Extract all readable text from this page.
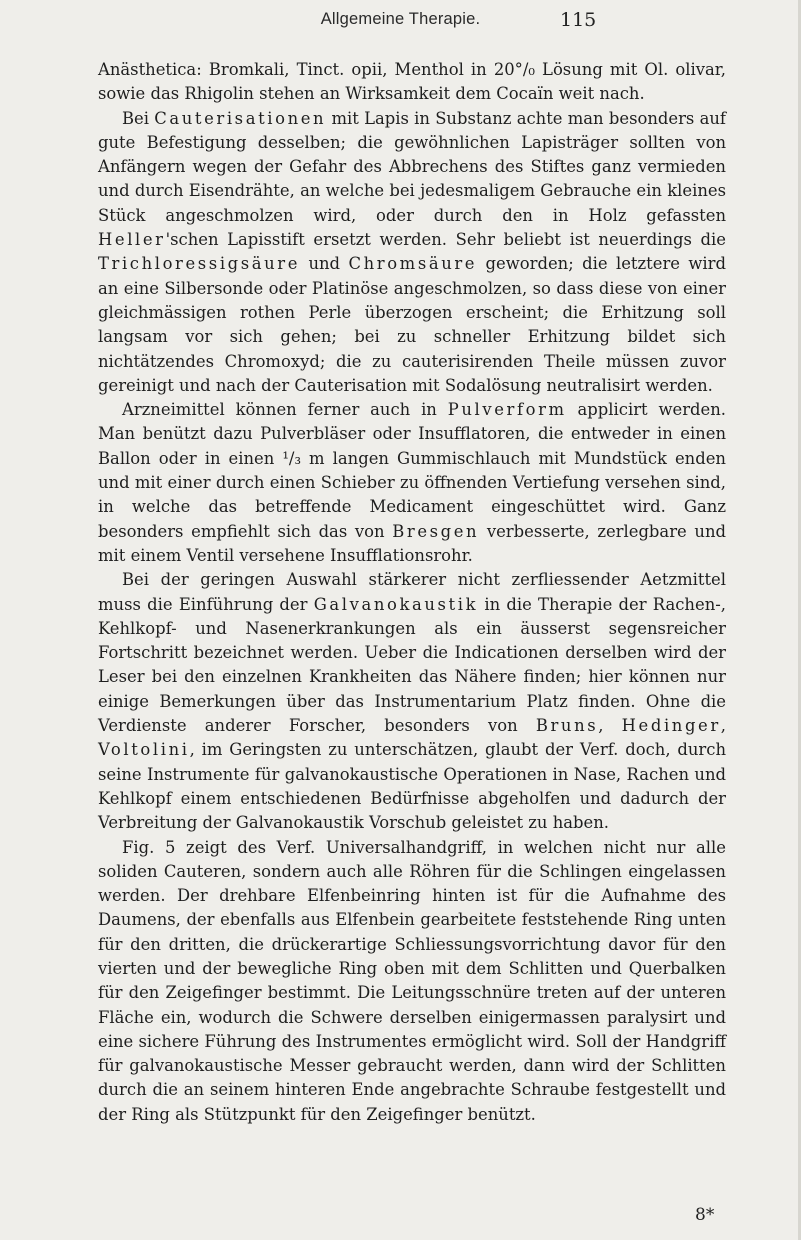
Allgemeine Therapie.	115

Anästhetica: Bromkali, Tinct. opii, Menthol in 20°/₀ Lösung mit Ol. olivar, sowie das Rhigolin stehen an Wirksamkeit dem Cocaïn weit nach.

Bei Cauterisationen mit Lapis in Substanz achte man besonders auf gute Befestigung desselben; die gewöhnlichen Lapisträger sollten von Anfängern wegen der Gefahr des Abbrechens des Stiftes ganz vermieden und durch Eisendrähte, an welche bei jedesmaligem Gebrauche ein kleines Stück angeschmolzen wird, oder durch den in Holz gefassten Heller'schen Lapisstift ersetzt werden. Sehr beliebt ist neuerdings die Trichloressigsäure und Chromsäure geworden; die letztere wird an eine Silbersonde oder Platinöse angeschmolzen, so dass diese von einer gleichmässigen rothen Perle überzogen erscheint; die Erhitzung soll langsam vor sich gehen; bei zu schneller Erhitzung bildet sich nichtätzendes Chromoxyd; die zu cauterisirenden Theile müssen zuvor gereinigt und nach der Cauterisation mit Sodalösung neutralisirt werden.

Arzneimittel können ferner auch in Pulverform applicirt werden. Man benützt dazu Pulverbläser oder Insufflatoren, die entweder in einen Ballon oder in einen ¹/₃ m langen Gummischlauch mit Mundstück enden und mit einer durch einen Schieber zu öffnenden Vertiefung versehen sind, in welche das betreffende Medicament eingeschüttet wird. Ganz besonders empfiehlt sich das von Bresgen verbesserte, zerlegbare und mit einem Ventil versehene Insufflationsrohr.

Bei der geringen Auswahl stärkerer nicht zerfliessender Aetzmittel muss die Einführung der Galvanokaustik in die Therapie der Rachen-, Kehlkopf- und Nasenerkrankungen als ein äusserst segensreicher Fortschritt bezeichnet werden. Ueber die Indicationen derselben wird der Leser bei den einzelnen Krankheiten das Nähere finden; hier können nur einige Bemerkungen über das Instrumentarium Platz finden. Ohne die Verdienste anderer Forscher, besonders von Bruns, Hedinger, Voltolini, im Geringsten zu unterschätzen, glaubt der Verf. doch, durch seine Instrumente für galvanokaustische Operationen in Nase, Rachen und Kehlkopf einem entschiedenen Bedürfnisse abgeholfen und dadurch der Verbreitung der Galvanokaustik Vorschub geleistet zu haben.

Fig. 5 zeigt des Verf. Universalhandgriff, in welchen nicht nur alle soliden Cauteren, sondern auch alle Röhren für die Schlingen eingelassen werden. Der drehbare Elfenbeinring hinten ist für die Aufnahme des Daumens, der ebenfalls aus Elfenbein gearbeitete feststehende Ring unten für den dritten, die drückerartige Schliessungsvorrichtung davor für den vierten und der bewegliche Ring oben mit dem Schlitten und Querbalken für den Zeigefinger bestimmt. Die Leitungsschnüre treten auf der unteren Fläche ein, wodurch die Schwere derselben einigermassen paralysirt und eine sichere Führung des Instrumentes ermöglicht wird. Soll der Handgriff für galvanokaustische Messer gebraucht werden, dann wird der Schlitten durch die an seinem hinteren Ende angebrachte Schraube festgestellt und der Ring als Stützpunkt für den Zeigefinger benützt.

8*
